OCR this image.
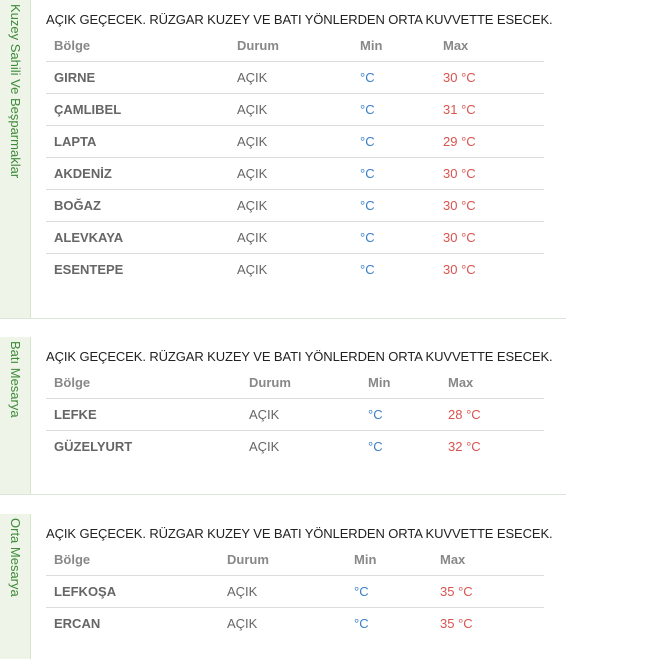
Kuzey Sahili Ve Beşparmaklar AÇIK GEÇECEK. RÜZGAR KUZEY VE BATI YÖNLERDEN ORTA KUVVETTE ESECEK.
Bölge	Durum	Min	Max
GIRNE	AÇIK	°C	30 °C
ÇAMLIBEL	AÇIK	°C	31 °C
LAPTA	AÇIK	°C	29 °C
AKDENİZ	AÇIK	°C	30 °C
BOĞAZ	AÇIK	°C	30 °C
ALEVKAYA	AÇIK	°C	30 °C
ESENTEPE	AÇIK	°C	30 °C
Batı Mesarya AÇIK GEÇECEK. RÜZGAR KUZEY VE BATI YÖNLERDEN ORTA KUVVETTE ESECEK.
Bölge	Durum	Min	Max
LEFKE	AÇIK	°C	28 °C
GÜZELYURT	AÇIK	°C	32 °C
Orta Mesarya AÇIK GEÇECEK. RÜZGAR KUZEY VE BATI YÖNLERDEN ORTA KUVVETTE ESECEK.
Bölge	Durum	Min	Max
LEFKOŞA	AÇIK	°C	35 °C
ERCAN	AÇIK	°C	35 °C
